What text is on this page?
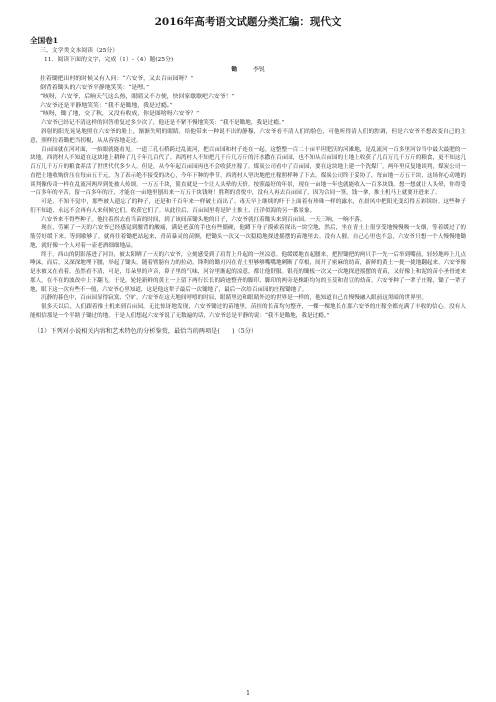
2016年高考语文试题分类汇编：现代文
全国卷1
三、文学类文本阅读（25分）
11．阅读下面的文字，完成（1）-（4）题(25分)
锄	李锐

拄着锄把出村的时候又有人问：“六安爷，又去百亩园呀？”

倒背着锄头的六安爷平静地笑笑：“是哩。”

“咳呀，六安爷，后晌天气这么热，眼睛又不方便，快回家歇歇吧六安爷！”

六安爷还是平静地笑笑：“我不是锄地，我是过瘾。”

“咳呀，锄了地，交了秋，又没有收成，你是图啥呀六安爷？”

六安爷已经记不清这样的回答重复过多少次了，他还是不紧不慢地笑笑：“我不是锄地，我是过瘾。”

斜射的阳光晃晃地照在六安爷的脸上，渐渐失明的眼睛，给他带来一种说不出的静穆，六安爷看不清人们的脸色，可他听得清人们的腔调，但是六安爷不想改变自己的主意，照样拄着锄把当拐棍，从从容容地走过。

百亩园就在河对面，一抬眼就能看见。一道三孔石桥跨过乱流河，把百亩园和村子连在一起。这整整一百二十亩平坦肥沃的河滩地，是乱流河一百多里河谷当中最大最肥的一块地。西湾村人不知道在这块地上耕种了几千年几百代了。西湾村人不知把几千斤几万斤的汗水撒在百亩园，也不知从百亩园的土地上收获了几百万几千万斤的粮食，更不知这几百万几千万斤的粮食养活了世世代代多少人。但是，从今年起百亩园再也不会收获庄稼了。煤炭公司看中了百亩园，要在这块地上建一个洗煤厂。两年里反复地谈判，煤炭公司一直把土地收购价压在每亩五千元，为了表示绝不接受的决心，今年下种的季节，西湾村人坚决地把庄稼照样种了下去。煤炭公司终于妥协了，每亩地一万五千块，这场你心动地的谈判像传奇一样在乱流河两岸到处被人传颂。一万五千块，简直就是一个让人头晕的天价。按照最好的年景，现在一亩地一年也就能收入一百多块钱。想一想就让人头晕，你得受一百多年的辛苦，留一百多年的汗，才能在一亩地里刨出来一万五千块钱呀！胜利的喜悦中，没有人再去百亩园了，因为合同一签，钱一拿，推土机马上就要开进来了。

可是，不知不觉中，那些被人遗忘了的种子，还是和千百年来一样破土而出了。毒天早上继续的吓于上面着有珍珠一样的露水，在晨风中把阳光变幻得五彩缤纷。这些种子们不知道，永远不会再有人来伺候它们，收获它们了。从此往后，百亩园里将是铲土推土、汪洋似海的另一番景象。

六安爷来不得些种子。他拄着拐去看当苗的时间，到了该间苗锄头地的日子，六安爷就扛着锄头来到百亩园。一天三晌，一晌不落。

现在，劳累了一天的六安爷已经感觉到腰背的酸痛，满是老茧的手也有些僵硬，他蹲下身子摸索着探出一块空地，然后，坐在青土上很享受地慢慢吸一支烟，等着缓过了的筋劳好缓下来。等到歇够了，就再往着锄把站起来，青苗暴灵的苗颤，把锄头一次又一次稳稳地探进摇摆的苗地里去。没有人催，自己心里也不急，六安爷只想一个人慢慢地锄地，就好像一个人对着一壶老酒细细地品。

终于，西山的阴影落进了河谷，被太阳晒了一天的六安爷，立刻感受到了肩背上升起的一丝凉意。他缓缓地直起腰来，把捏锄把的两只手一先一后举到嘴前，轻轻地啐上几点唾沫，而后，又深深地埋下腰，举起了锄头。随着臂膀有力的拉动，锋利的锄刃闪在青土里够够嘴嘴地剜断了草根，间开了密麻的幼苗，新鲜的黄土一拢一拢地翻起来，六安爷像是水被又在看着，虽然看不清，可是，耳朵里的声音，鼻子里的气味，河谷里渐起的凉意，都让他舒服。银亮的锄板一次又一次地探进摇摆的青苗，又好像上和泥的苗小圣骨迹来那人，在不在的波改中上下翻飞。于是，轮轮新鲜的黄土一上留下两行长长的跨迹整齐的脚印，脚印的两旁是株距均匀的玉茭和青豆的幼苗。六安爷种了一辈子庄稼，锄了一辈子地，眼下这一次有些不一般，六安爷心里知道，这是他这辈子最后一次锄地了，最后一次给百亩园的庄稼锄地了。

沉静的暮色中，百亩园显得寂寞、空旷。六安爷在这天地间呼嘻的时辰，眼睛里边和眼睛外边的世界是一样的，他知道自己在慢慢融入眼前这黑暗的世界里。

很多天以后，人们跟着推土机来到百亩园，无比惊讶地发现，六安爷锄过的苗地里，苗挂的长苗均匀整齐，一棵一棵地长在那六安爷的庄稼全都充满了丰收的信心。没有人能相信那是一个半瞎子锄过的地。于是人们想起六安爷说了无数遍的话，六安爷总是平静的说：“我不是锄地，我是过瘾。”

（1）下列对小说相关内容和艺术特色的分析鉴赏，最恰当的两项是(　　)（5分）
1
